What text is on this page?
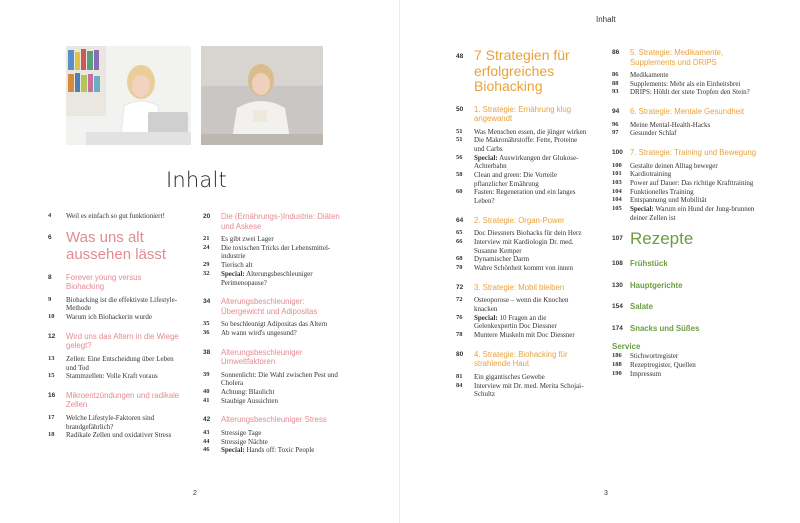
Inhalt
4	Weil es einfach so gut funktioniert!
6 Was uns alt aussehen lässt
8	Forever young versus Biohacking
9	Biohacking ist die effektivste Lifestyle-Methode
10	Warum ich Biohackerin wurde
12	Wird uns das Altern in die Wiege gelegt?
13	Zellen: Eine Entscheidung über Leben und Tod
15	Stammzellen: Volle Kraft voraus
16	Mikroentzündungen und radikale Zellen
17	Welche Lifestyle-Faktoren sind brandgefährlich?
18	Radikale Zellen und oxidativer Stress
20	Die (Ernährungs-)Industrie: Diäten und Askese
21	Es gibt zwei Lager
24	Die toxischen Tricks der Lebensmittel-industrie
29	Tierisch alt
32	Special: Alterungsbeschleuniger Perimenopause?
34	Alterungsbeschleuniger: Übergewicht und Adipositas
35	So beschleunigt Adipositas das Altern
36	Ab wann wird's ungesund?
38	Alterungsbeschleuniger Umweltfaktoren
39	Sonnenlicht: Die Wahl zwischen Pest und Cholera
40	Achtung: Blaulicht
41	Staubige Aussichten
42	Alterungsbeschleuniger Stress
43	Stressige Tage
44	Stressige Nächte
46	Special: Hands off: Toxic People
2
Inhalt
48 7 Strategien für erfolgreiches Biohacking
50	1. Strategie: Ernährung klug angewandt
51	Was Menschen essen, die jünger wirken
51	Die Makronährstoffe: Fette, Proteine und Carbs
56	Special: Auswirkungen der Glukose-Achterbahn
58	Clean and green: Die Vorteile pflanzlicher Ernährung
60	Fasten: Regeneration und ein langes Leben?
64	2. Strategie: Organ-Power
65	Doc Diessners Biohacks für dein Herz
66	Interview mit Kardiologin Dr. med. Susanne Kemper
68	Dynamischer Darm
70	Wahre Schönheit kommt von innen
72	3. Strategie: Mobil bleiben
72	Osteoporose – wenn die Knochen knacken
76	Special: 10 Fragen an die Gelenkexpertin Doc Diessner
78	Muntere Muskeln mit Doc Diessner
80	4. Strategie: Biohacking für strahlende Haut
81	Ein gigantisches Gewebe
84	Interview mit Dr. med. Merita Schojai-Schultz
86	5. Strategie: Medikamente, Supplements und DRIPS
86	Medikamente
88	Supplements: Mehr als ein Einheitsbrei
93	DRIPS: Höhlt der stete Tropfen den Stein?
94	6. Strategie: Mentale Gesundheit
96	Meine Mental-Health-Hacks
97	Gesunder Schlaf
100 7. Strategie: Training und Bewegung
100	Gestalte deinen Alltag beweger
101	Kardiotraining
103	Power auf Dauer: Das richtige Krafttraining
104	Funktionelles Training
104	Entspannung und Mobilität
105	Special: Warum ein Hund der Jung-brunnen deiner Zellen ist
107 Rezepte
108 Frühstück
130 Hauptgerichte
154 Salate
174 Snacks und Süßes
Service
186	Stichwortregister
188	Rezeptregister, Quellen
190	Impressum
3
